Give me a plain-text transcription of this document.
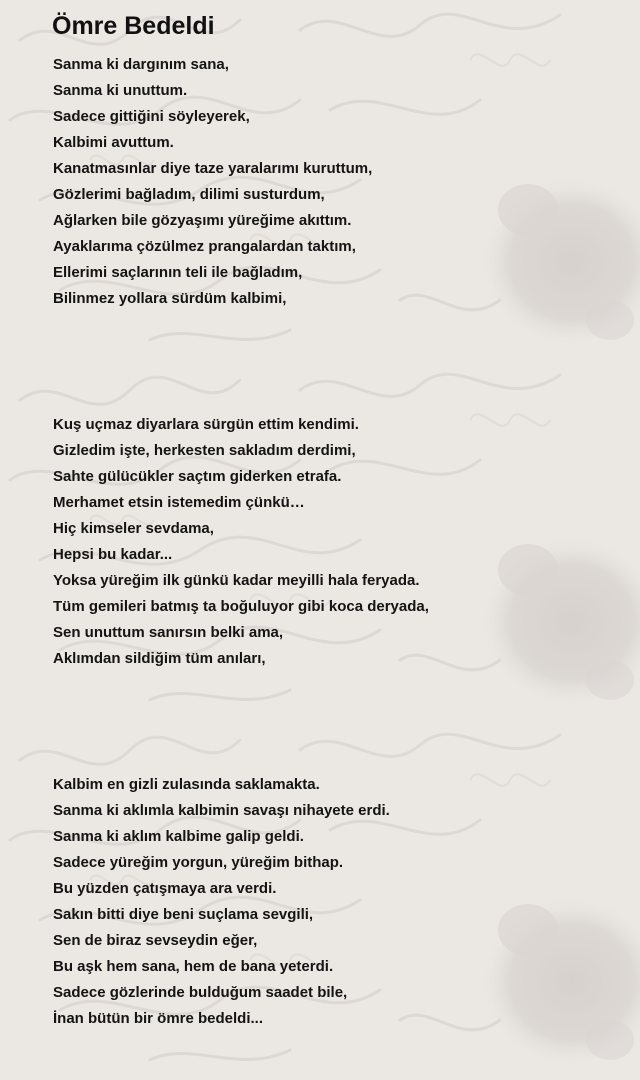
Ömre Bedeldi
Sanma ki dargınım sana,
Sanma ki unuttum.
Sadece gittiğini söyleyerek,
Kalbimi avuttum.
Kanatmasınlar diye taze yaralarımı kuruttum,
Gözlerimi bağladım, dilimi susturdum,
Ağlarken bile gözyaşımı yüreğime akıttım.
Ayaklarıma çözülmez prangalardan taktım,
Ellerimi saçlarının teli ile bağladım,
Bilinmez yollara sürdüm kalbimi,
Kuş uçmaz diyarlara sürgün ettim kendimi.
Gizledim işte, herkesten sakladım derdimi,
Sahte gülücükler saçtım giderken etrafa.
Merhamet etsin istemedim çünkü…
Hiç kimseler sevdama,
Hepsi bu kadar...
Yoksa yüreğim ilk günkü kadar meyilli hala feryada.
Tüm gemileri batmış ta boğuluyor gibi koca deryada,
Sen unuttum sanırsın belki ama,
Aklımdan sildiğim tüm anıları,
Kalbim en gizli zulasında saklamakta.
Sanma ki aklımla kalbimin savaşı nihayete erdi.
Sanma ki aklım kalbime galip geldi.
Sadece yüreğim yorgun, yüreğim bithap.
Bu yüzden çatışmaya ara verdi.
Sakın bitti diye beni suçlama sevgili,
Sen de biraz sevseydin eğer,
Bu aşk hem sana, hem de bana yeterdi.
Sadece gözlerinde bulduğum saadet bile,
İnan bütün bir ömre bedeldi...
